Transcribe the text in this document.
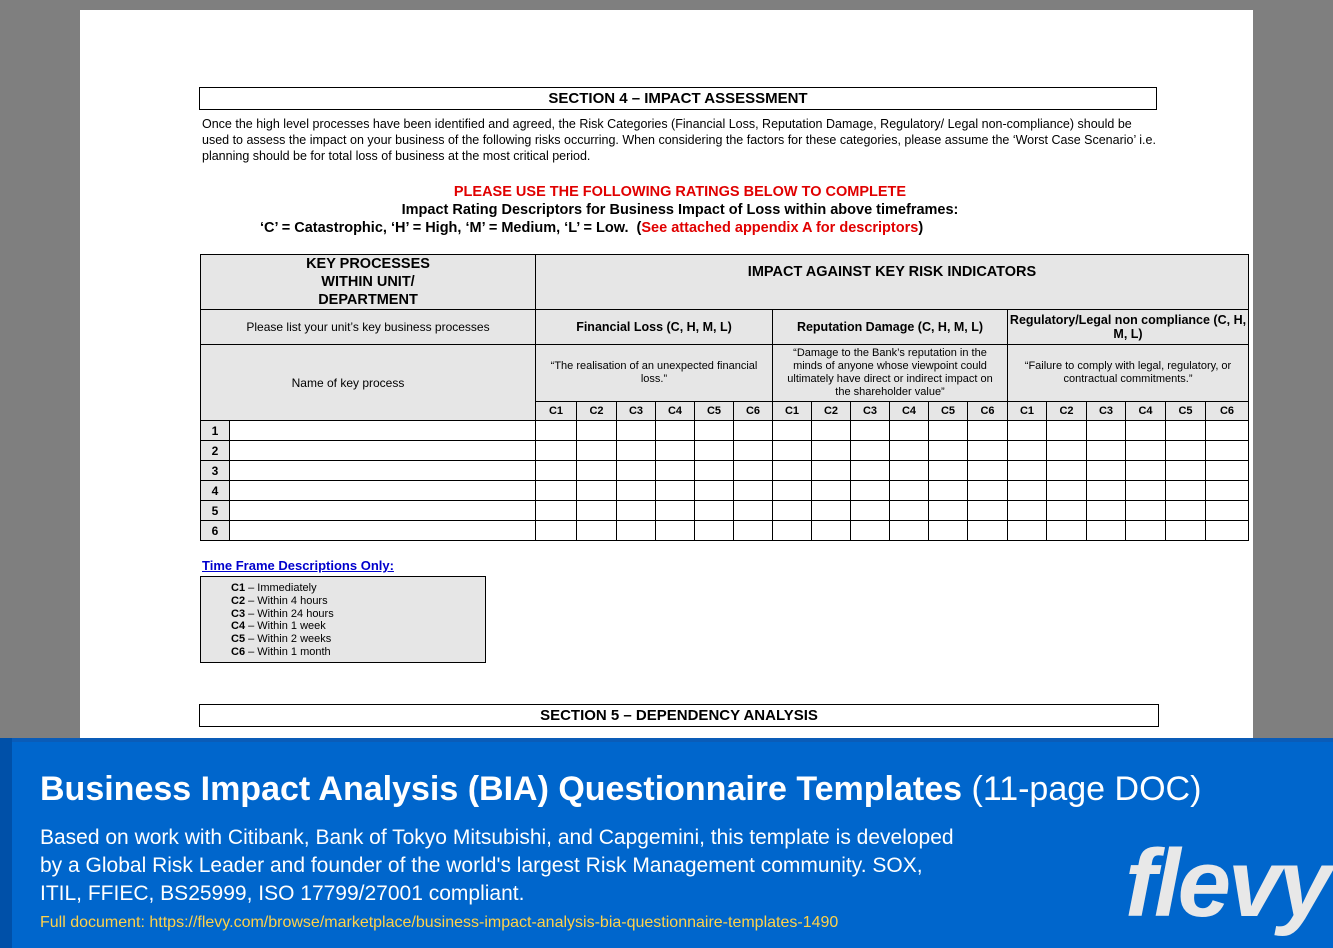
SECTION 4 – IMPACT ASSESSMENT
Once the high level processes have been identified and agreed, the Risk Categories (Financial Loss, Reputation Damage, Regulatory/ Legal non-compliance) should be used to assess the impact on your business of the following risks occurring. When considering the factors for these categories, please assume the ‘Worst Case Scenario’ i.e. planning should be for total loss of business at the most critical period.
PLEASE USE THE FOLLOWING RATINGS BELOW TO COMPLETE
Impact Rating Descriptors for Business Impact of Loss within above timeframes:
‘C’ = Catastrophic, ‘H’ = High, ‘M’ = Medium, ‘L’ = Low. (See attached appendix A for descriptors)
KEY PROCESSES WITHIN UNIT/ DEPARTMENT		IMPACT AGAINST KEY RISK INDICATORS																	
Please list your unit’s key business processes		Financial Loss (C, H, M, L)						Reputation Damage (C, H, M, L)						Regulatory/Legal non compliance (C, H, M, L)					
Name of key process		“The realisation of an unexpected financial loss.”						“Damage to the Bank’s reputation in the minds of anyone whose viewpoint could ultimately have direct or indirect impact on the shareholder value”						“Failure to comply with legal, regulatory, or contractual commitments.”					
		C1	C2	C3	C4	C5	C6	C1	C2	C3	C4	C5	C6	C1	C2	C3	C4	C5	C6
1																			
2																			
3																			
4																			
5																			
6																			
Time Frame Descriptions Only:
C1 – Immediately
C2 – Within 4 hours
C3 – Within 24 hours
C4 – Within 1 week
C5 – Within 2 weeks
C6 – Within 1 month
SECTION 5 – DEPENDENCY ANALYSIS
Business Impact Analysis (BIA) Questionnaire Templates (11-page DOC)
Based on work with Citibank, Bank of Tokyo Mitsubishi, and Capgemini, this template is developed by a Global Risk Leader and founder of the world's largest Risk Management community. SOX, ITIL, FFIEC, BS25999, ISO 17799/27001 compliant.
Full document: https://flevy.com/browse/marketplace/business-impact-analysis-bia-questionnaire-templates-1490	flevy
